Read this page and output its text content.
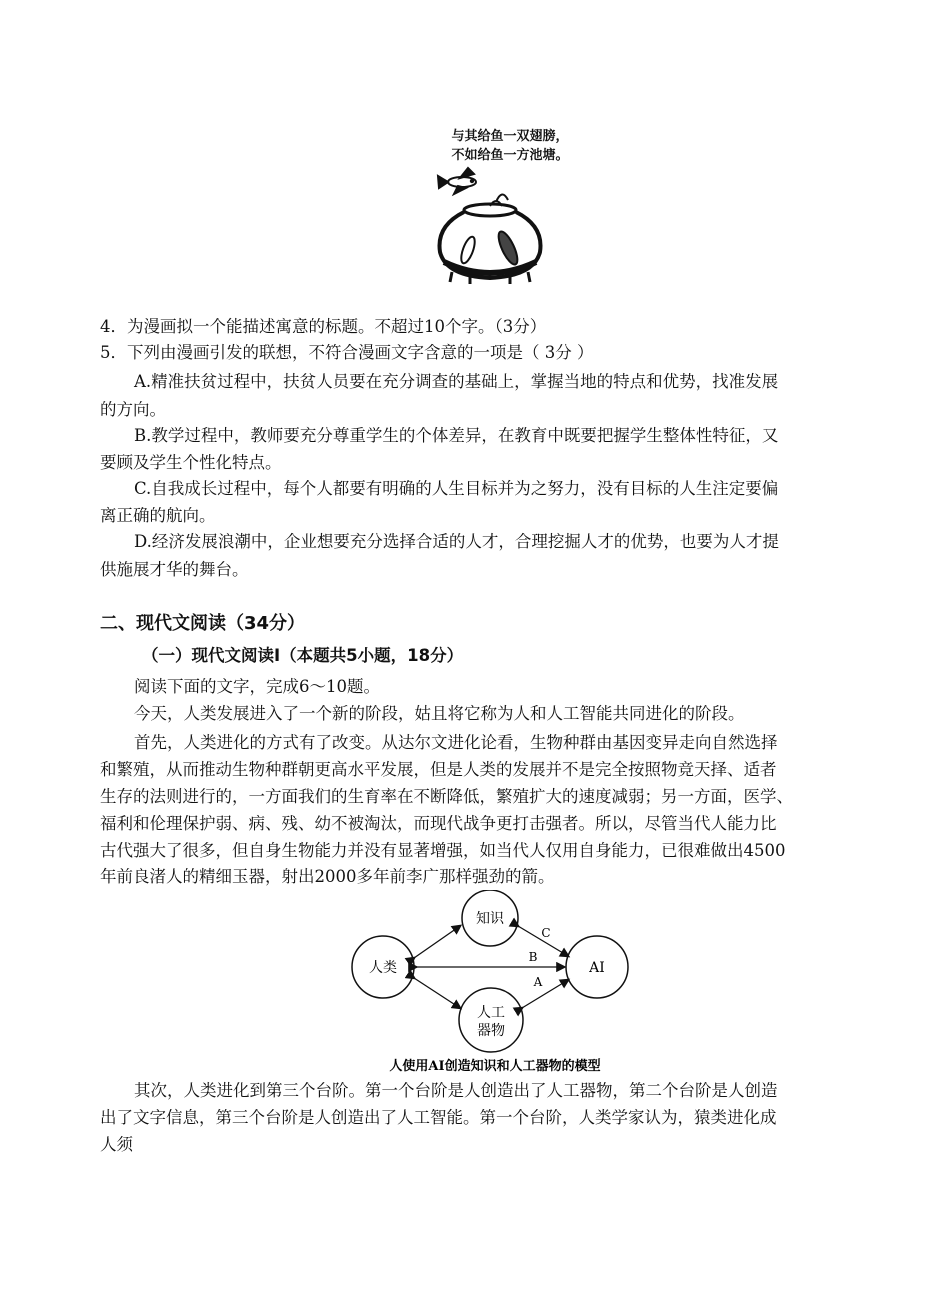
与其给鱼一双翅膀，
不如给鱼一方池塘。
4．为漫画拟一个能描述寓意的标题。不超过10个字。（3分）
5．下列由漫画引发的联想，不符合漫画文字含意的一项是（ 3分 ）
A.精准扶贫过程中，扶贫人员要在充分调查的基础上，掌握当地的特点和优势，找准发展
的方向。
B.教学过程中，教师要充分尊重学生的个体差异，在教育中既要把握学生整体性特征，又
要顾及学生个性化特点。
C.自我成长过程中，每个人都要有明确的人生目标并为之努力，没有目标的人生注定要偏
离正确的航向。
D.经济发展浪潮中，企业想要充分选择合适的人才，合理挖掘人才的优势，也要为人才提
供施展才华的舞台。
二、现代文阅读（34分）
（一）现代文阅读Ⅰ（本题共5小题，18分）
阅读下面的文字，完成6～10题。
今天，人类发展进入了一个新的阶段，姑且将它称为人和人工智能共同进化的阶段。
首先，人类进化的方式有了改变。从达尔文进化论看，生物种群由基因变异走向自然选择
和繁殖，从而推动生物种群朝更高水平发展，但是人类的发展并不是完全按照物竞天择、适者
生存的法则进行的，一方面我们的生育率在不断降低，繁殖扩大的速度减弱；另一方面，医学、
福利和伦理保护弱、病、残、幼不被淘汰，而现代战争更打击强者。所以，尽管当代人能力比
古代强大了很多，但自身生物能力并没有显著增强，如当代人仅用自身能力，已很难做出4500
年前良渚人的精细玉器，射出2000多年前李广那样强劲的箭。
知识
人类	AI
人工
器物
C
B
A
人使用AI创造知识和人工器物的模型
其次，人类进化到第三个台阶。第一个台阶是人创造出了人工器物，第二个台阶是人创造
出了文字信息，第三个台阶是人创造出了人工智能。第一个台阶，人类学家认为，猿类进化成
人须
